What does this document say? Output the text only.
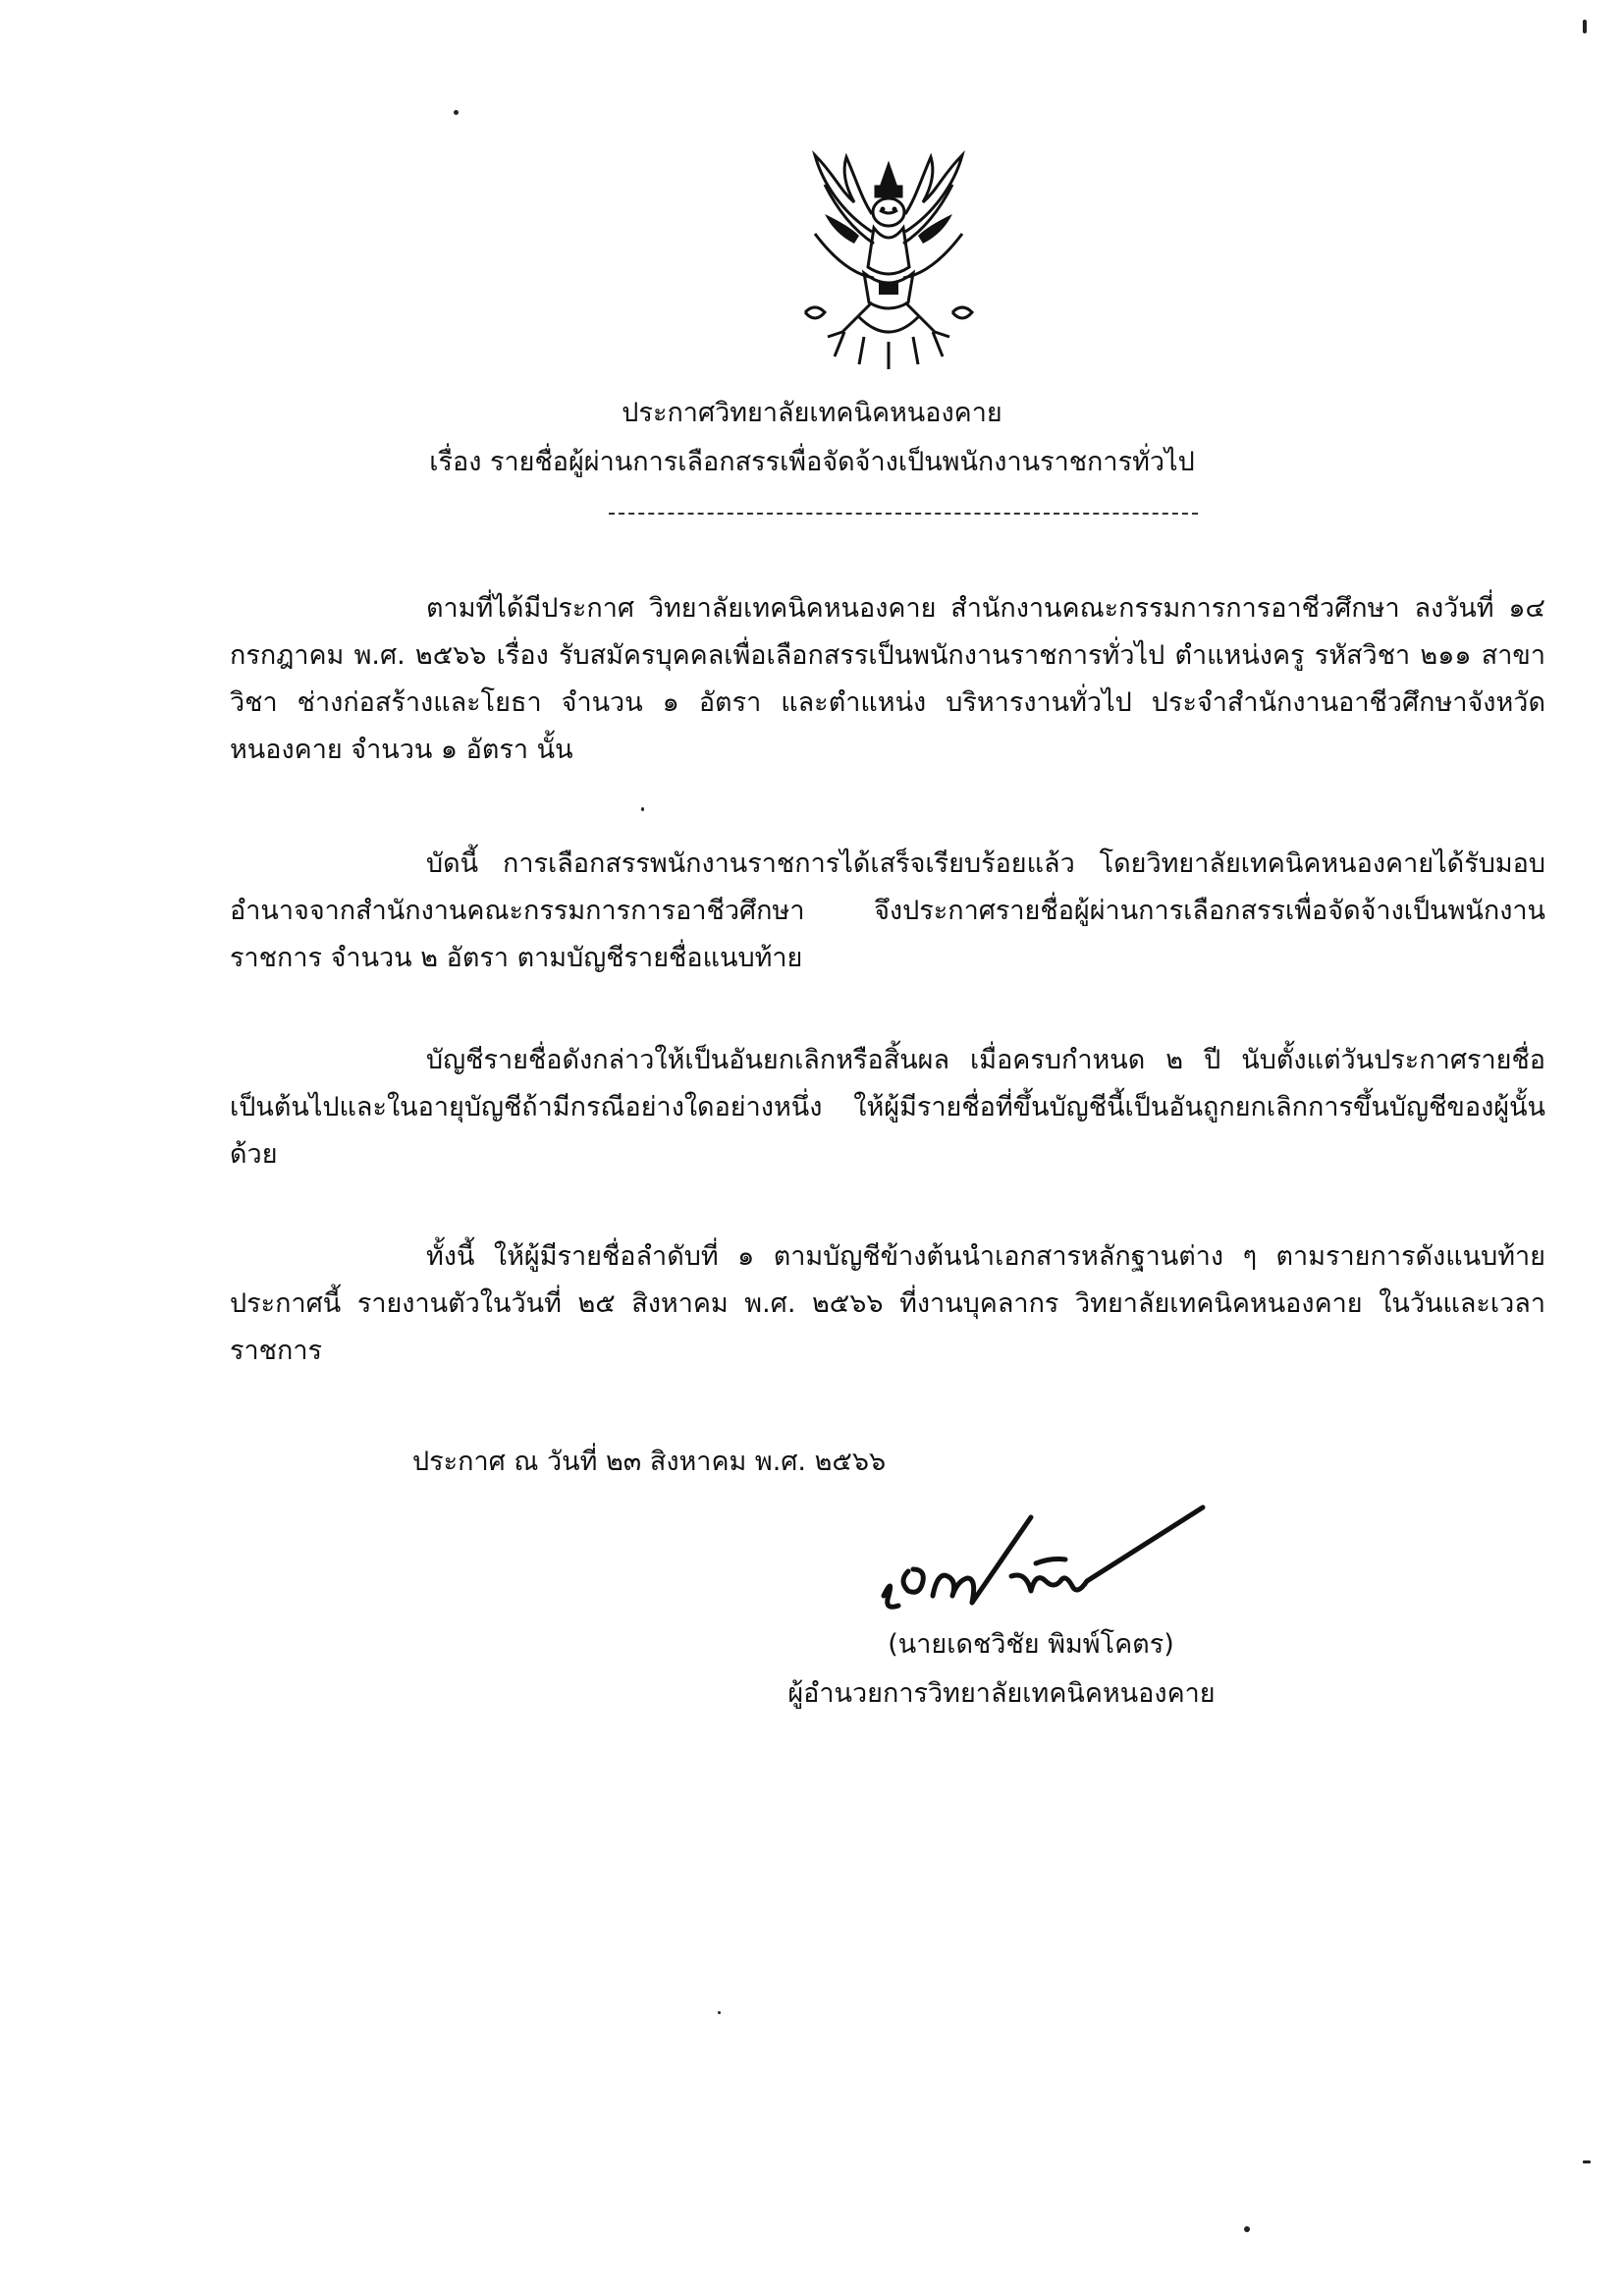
ประกาศวิทยาลัยเทคนิคหนองคาย
เรื่อง รายชื่อผู้ผ่านการเลือกสรรเพื่อจัดจ้างเป็นพนักงานราชการทั่วไป

ตามที่ได้มีประกาศ วิทยาลัยเทคนิคหนองคาย สำนักงานคณะกรรมการการอาชีวศึกษา ลงวันที่ ๑๔ กรกฎาคม พ.ศ. ๒๕๖๖ เรื่อง รับสมัครบุคคลเพื่อเลือกสรรเป็นพนักงานราชการทั่วไป ตำแหน่งครู รหัสวิชา ๒๑๑ สาขาวิชา ช่างก่อสร้างและโยธา จำนวน ๑ อัตรา และตำแหน่ง บริหารงานทั่วไป ประจำสำนักงานอาชีวศึกษาจังหวัดหนองคาย จำนวน ๑ อัตรา นั้น

บัดนี้ การเลือกสรรพนักงานราชการได้เสร็จเรียบร้อยแล้ว โดยวิทยาลัยเทคนิคหนองคายได้รับมอบอำนาจจากสำนักงานคณะกรรมการการอาชีวศึกษา จึงประกาศรายชื่อผู้ผ่านการเลือกสรรเพื่อจัดจ้างเป็นพนักงานราชการ จำนวน ๒ อัตรา ตามบัญชีรายชื่อแนบท้าย

บัญชีรายชื่อดังกล่าวให้เป็นอันยกเลิกหรือสิ้นผล เมื่อครบกำหนด ๒ ปี นับตั้งแต่วันประกาศรายชื่อเป็นต้นไปและในอายุบัญชีถ้ามีกรณีอย่างใดอย่างหนึ่ง ให้ผู้มีรายชื่อที่ขึ้นบัญชีนี้เป็นอันถูกยกเลิกการขึ้นบัญชีของผู้นั้นด้วย

ทั้งนี้ ให้ผู้มีรายชื่อลำดับที่ ๑ ตามบัญชีข้างต้นนำเอกสารหลักฐานต่าง ๆ ตามรายการดังแนบท้ายประกาศนี้ รายงานตัวในวันที่ ๒๕ สิงหาคม พ.ศ. ๒๕๖๖ ที่งานบุคลากร วิทยาลัยเทคนิคหนองคาย ในวันและเวลาราชการ

ประกาศ ณ วันที่ ๒๓ สิงหาคม พ.ศ. ๒๕๖๖
(นายเดชวิชัย พิมพ์โคตร)
ผู้อำนวยการวิทยาลัยเทคนิคหนองคาย
